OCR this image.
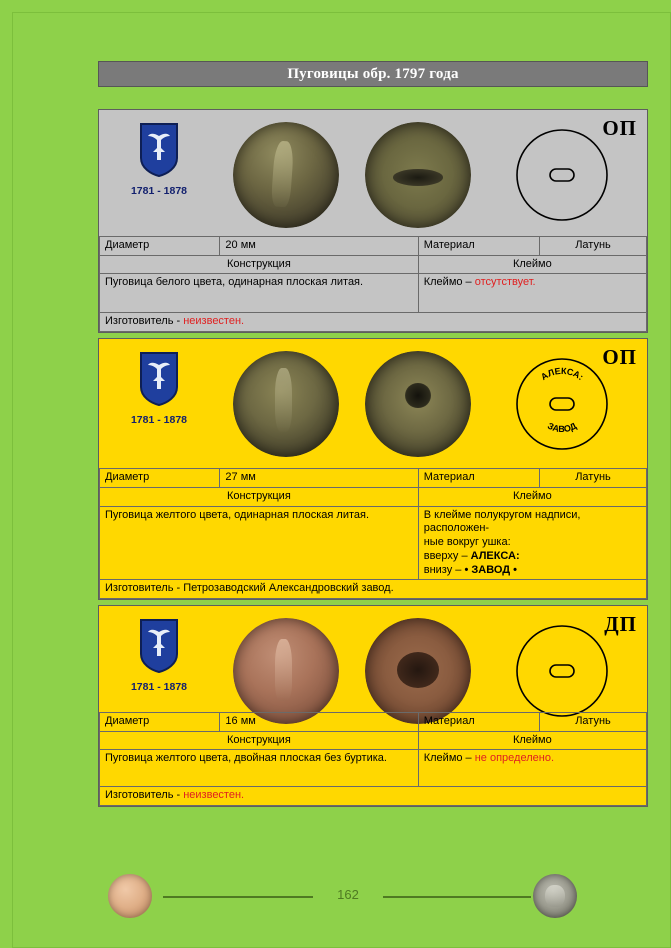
Пуговицы обр. 1797 года
1781 - 1878
ОП
Диаметр	20 мм	Материал	Латунь
Конструкция		Клеймо	
Пуговица белого цвета, одинарная плоская литая.		Клеймо – отсутствует.	
Изготовитель - неизвестен.			
1781 - 1878
АЛЕКСА:
ЗАВОД
ОП
Диаметр	27 мм	Материал	Латунь
Конструкция		Клеймо	
Пуговица желтого цвета, одинарная плоская литая.		В клейме полукругом надписи, расположен-
ные вокруг ушка:
вверху – АЛЕКСА:
внизу – • ЗАВОД •	

Изготовитель - Петрозаводский Александровский завод.			
1781 - 1878
ДП
Диаметр	16 мм	Материал	Латунь
Конструкция		Клеймо	
Пуговица желтого цвета, двойная плоская без буртика.		Клеймо – не определено.	
Изготовитель - неизвестен.			
162
